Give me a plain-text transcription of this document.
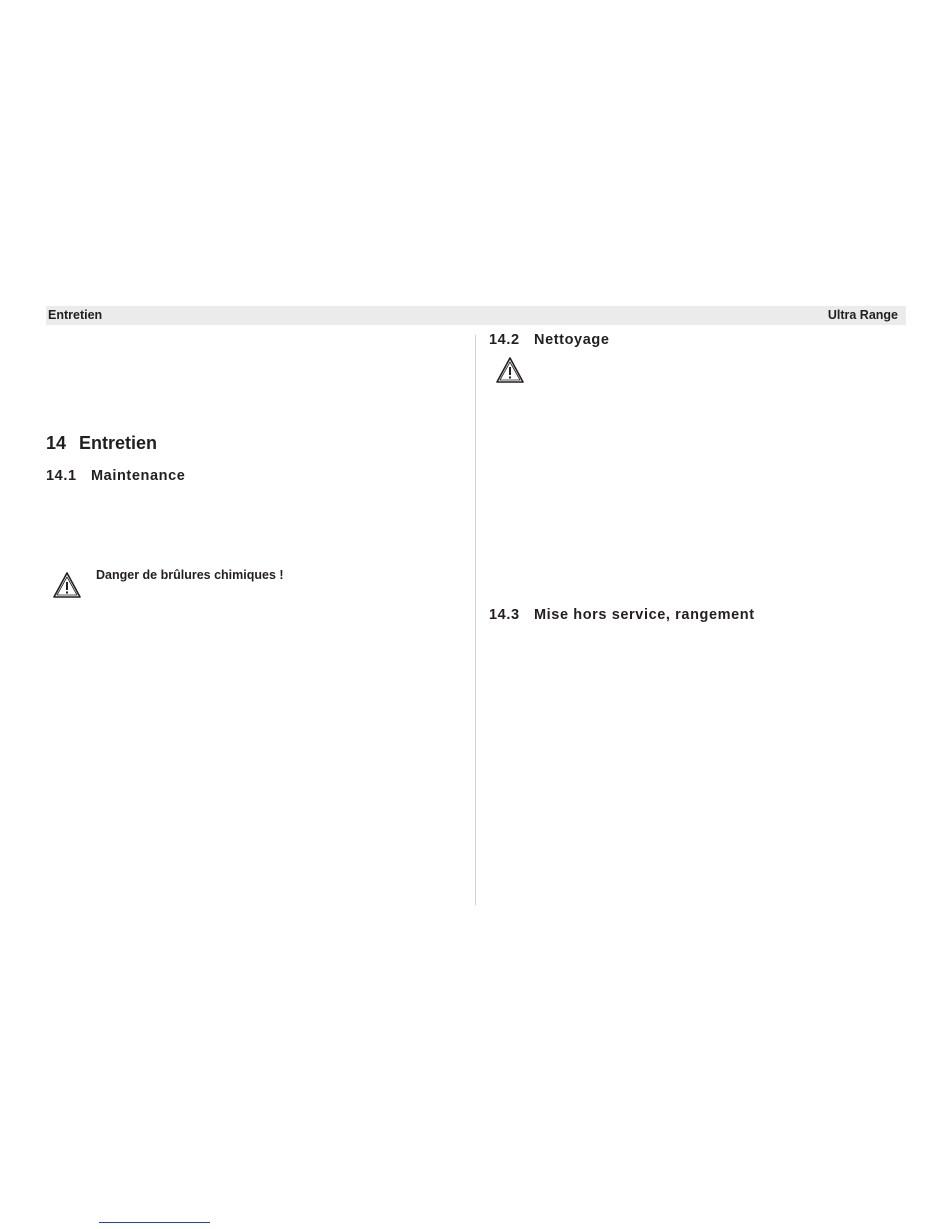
Entretien	Ultra Range
14 Entretien
14.1 Maintenance
Danger de brûlures chimiques !
14.2 Nettoyage
14.3 Mise hors service, rangement
